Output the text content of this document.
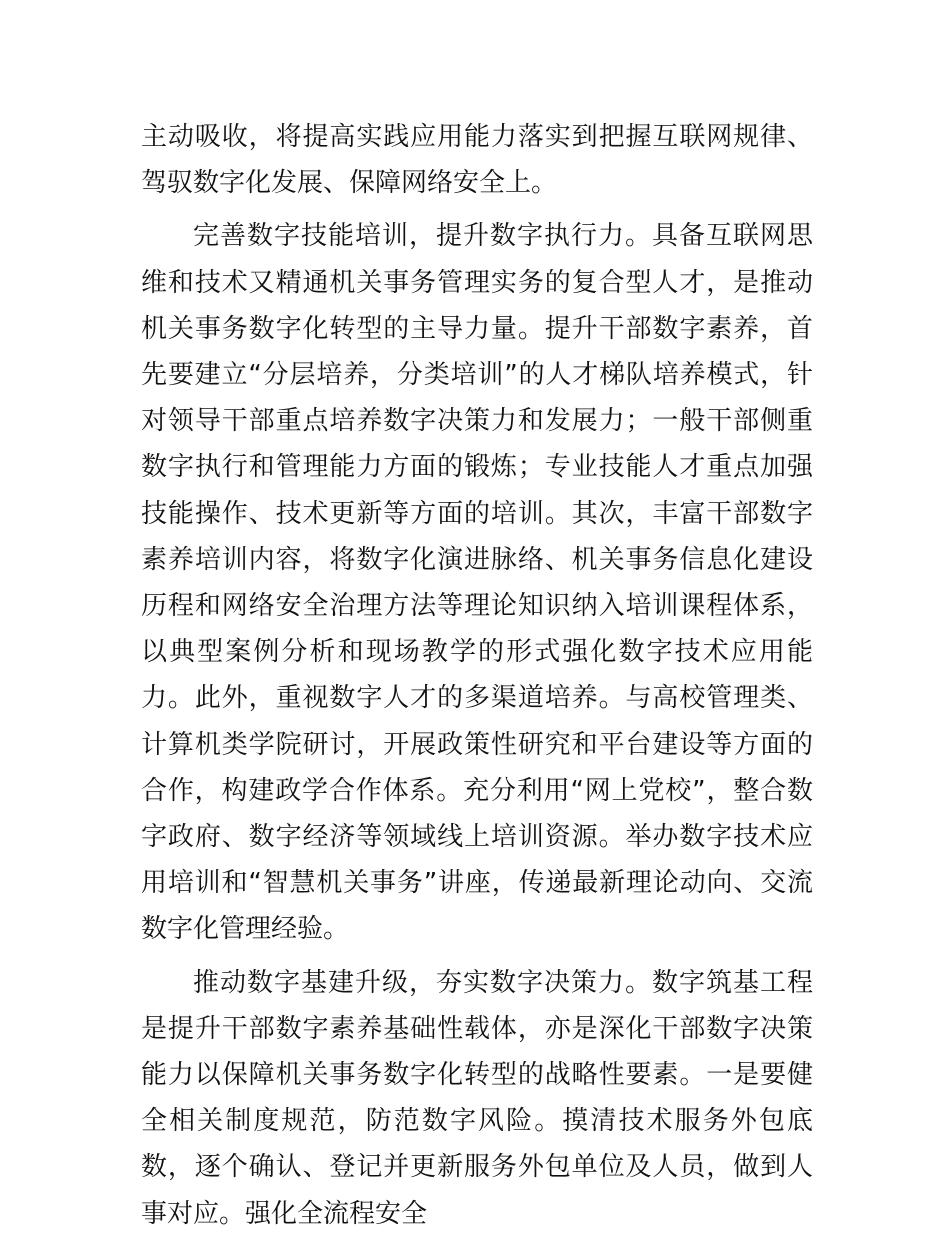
主动吸收，将提高实践应用能力落实到把握互联网规律、驾驭数字化发展、保障网络安全上。

完善数字技能培训，提升数字执行力。具备互联网思维和技术又精通机关事务管理实务的复合型人才，是推动机关事务数字化转型的主导力量。提升干部数字素养，首先要建立“分层培养，分类培训”的人才梯队培养模式，针对领导干部重点培养数字决策力和发展力；一般干部侧重数字执行和管理能力方面的锻炼；专业技能人才重点加强技能操作、技术更新等方面的培训。其次，丰富干部数字素养培训内容，将数字化演进脉络、机关事务信息化建设历程和网络安全治理方法等理论知识纳入培训课程体系，以典型案例分析和现场教学的形式强化数字技术应用能力。此外，重视数字人才的多渠道培养。与高校管理类、计算机类学院研讨，开展政策性研究和平台建设等方面的合作，构建政学合作体系。充分利用“网上党校”，整合数字政府、数字经济等领域线上培训资源。举办数字技术应用培训和“智慧机关事务”讲座，传递最新理论动向、交流数字化管理经验。

推动数字基建升级，夯实数字决策力。数字筑基工程是提升干部数字素养基础性载体，亦是深化干部数字决策能力以保障机关事务数字化转型的战略性要素。一是要健全相关制度规范，防范数字风险。摸清技术服务外包底数，逐个确认、登记并更新服务外包单位及人员，做到人事对应。强化全流程安全
